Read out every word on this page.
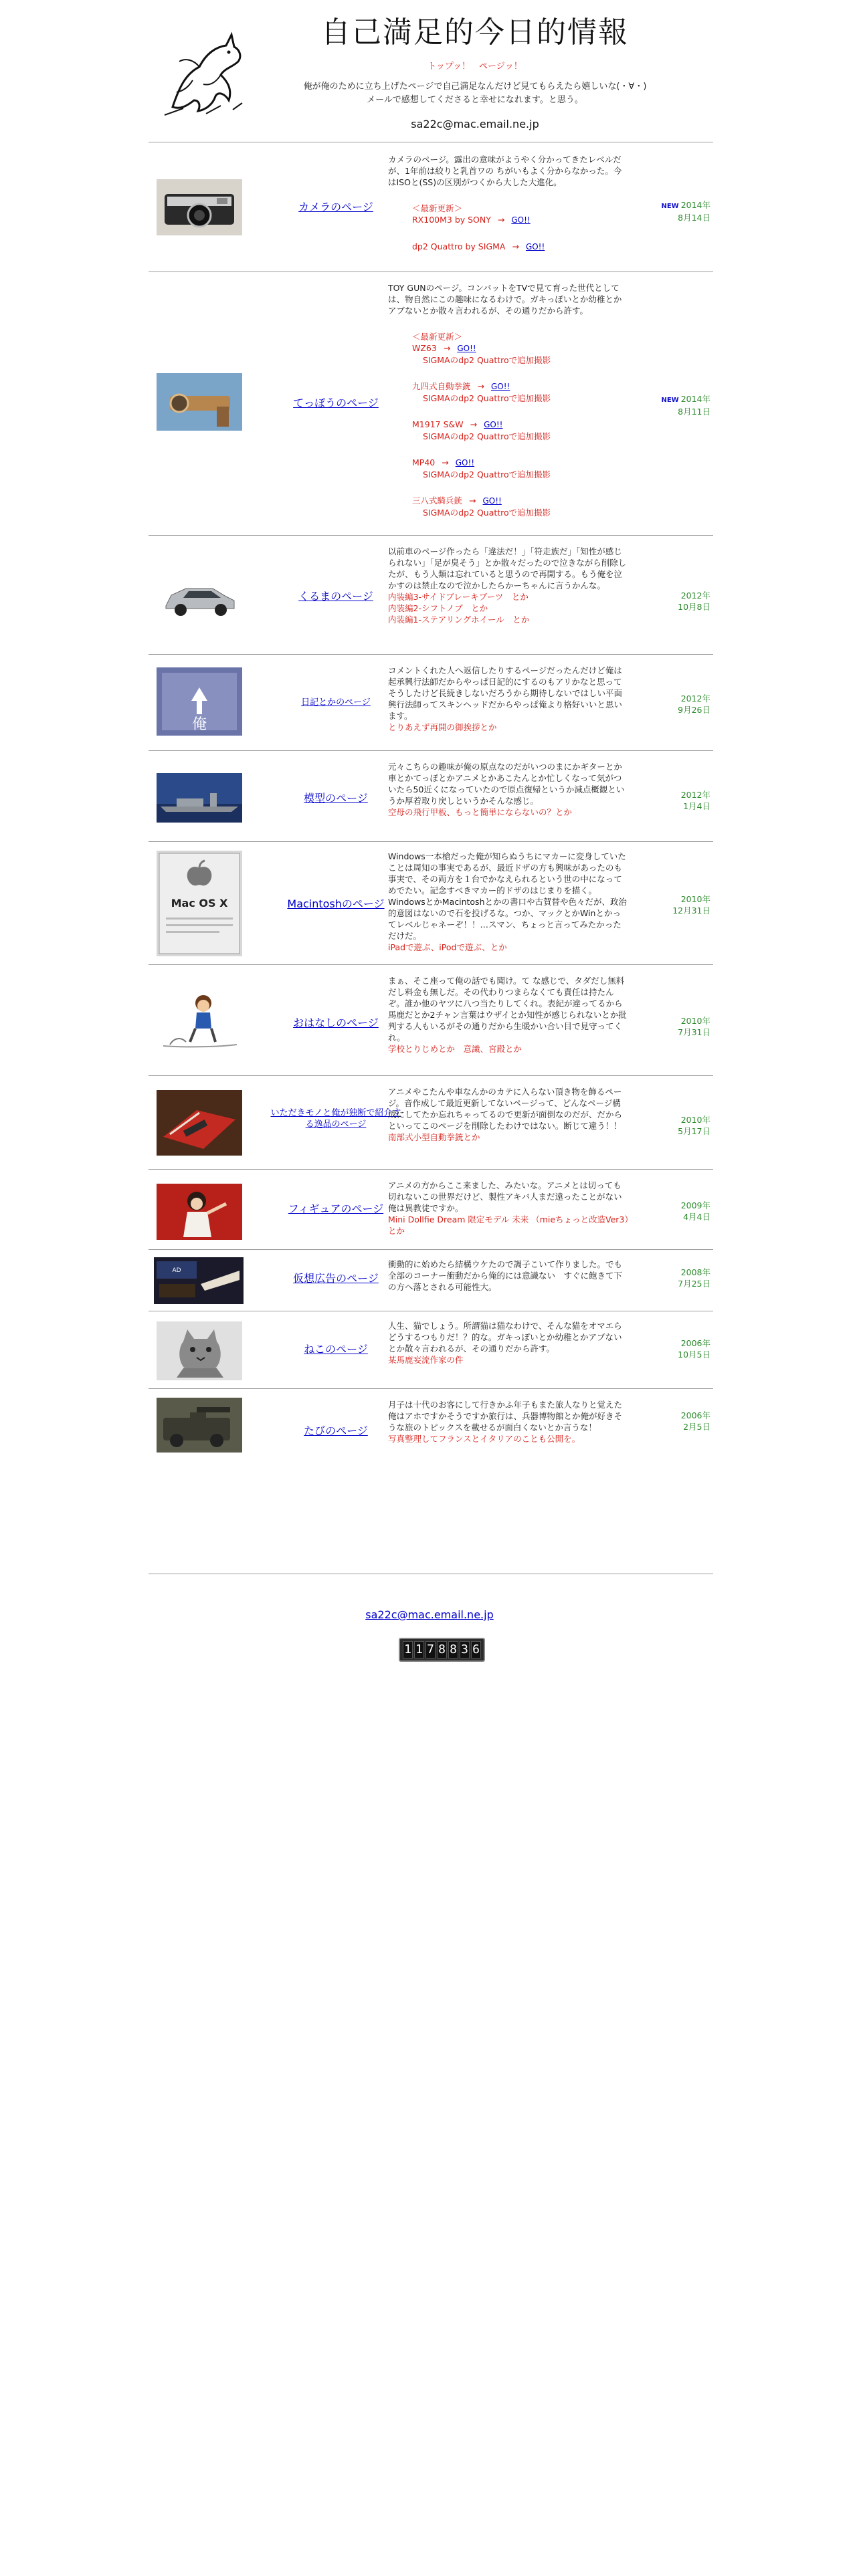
自己満足的今日的情報
トップッ！　ページッ！
俺が俺のために立ち上げたページで自己満足なんだけど見てもらえたら嬉しいな(・∀・)
メールで感想してくださると幸せになれます。と思う。
sa22c@mac.email.ne.jp
カメラのページ
カメラのページ。露出の意味がようやく分かってきたレベルだが、1年前は絞りと乳首ワの ちがいもよく分からなかった。今はISOと(SS)の区別がつくから大した大進化。
＜最新更新＞
RX100M3 by SONY → GO!!
dp2 Quattro by SIGMA → GO!!
NEW 2014年
8月14日
てっぽうのページ
TOY GUNのページ。コンバットをTVで見て育った世代としては、物自然にこの趣味になるわけで。ガキっぽいとか幼稚とかアブないとか散々言われるが、その通りだから許す。
＜最新更新＞
WZ63 → GO!!
SIGMAのdp2 Quattroで追加撮影
九四式自動拳銃 → GO!!
SIGMAのdp2 Quattroで追加撮影
M1917 S&W → GO!!
SIGMAのdp2 Quattroで追加撮影
MP40 → GO!!
SIGMAのdp2 Quattroで追加撮影
三八式騎兵銃 → GO!!
SIGMAのdp2 Quattroで追加撮影
NEW 2014年
8月11日
くるまのページ
以前車のページ作ったら「違法だ！」「符走族だ」「知性が感じられない」「足が臭そう」とか散々だったので泣きながら削除したが、もう人類は忘れていると思うので再開する。もう俺を泣かすのは禁止なので泣かしたらかーちゃんに言うかんな。
内装編3-サイドブレーキブーツ　とか
内装編2-シフトノブ　とか
内装編1-ステアリングホイール　とか
2012年
10月8日
俺
日記とかのページ
コメントくれた人へ返信したりするページだったんだけど俺は起承興行法師だからやっぱ日記的にするのもアリかなと思ってそうしたけど長続きしないだろうから期待しないではしい平面興行法師ってスキンヘッドだからやっぱ俺より格好いいと思います。
とりあえず再開の御挨拶とか
2012年
9月26日
模型のページ
元々こちらの趣味が俺の原点なのだがいつのまにかギターとか車とかてっぽとかアニメとかあこたんとか忙しくなって気がついたら50近くになっていたので原点復帰というか減点概観というか厚着取り戻しというかそんな感じ。
空母の飛行甲板、もっと簡単にならないの？とか
2012年
1月4日
Mac OS X	Macintoshのページ
Windows一本槍だった俺が知らぬうちにマカーに変身していたことは周知の事実であるが、最近ドザの方も興味があったのも事実で、その両方を１台でかなえられるという世の中になってめでたい。記念すべきマカー的ドザのはじまりを描く。WindowsとかMacintoshとかの書口や古賀替や色々だが、政治的意図はないので石を投げるな。つか、マックとかWinとかってレベルじゃネーぞ！！…スマン、ちょっと言ってみたかっただけだ。
iPadで遊ぶ、iPodで遊ぶ、とか
2010年
12月31日
おはなしのページ
まぁ、そこ座って俺の話でも聞け。て な感じで、タダだし無料だし料金も無しだ。その代わりつまらなくても責任は持たんぞ。誰か他のヤツに八つ当たりしてくれ。表紀が違ってるから馬鹿だとか2チャン言葉はウザイとか知性が感じられないとか批判する人もいるがその通りだから生暖かい合い目で見守ってくれ。
学校とりじめとか　意識、宮殿とか
2010年
7月31日
いただきモノと俺が独断で紹介する逸品のページ
アニメやこたんや車なんかのカテに入らない頂き物を飾るページ。音作成して最近更新してないページって、どんなページ構成にしてたか忘れちゃってるので更新が面倒なのだが、だからといってこのページを削除したわけではない。断じて違う！！
南部式小型自動拳銃とか
2010年
5月17日
フィギュアのページ
アニメの方からここ来ました、みたいな。アニメとは切っても切れないこの世界だけど、製性アキバ人まだ遠ったことがない俺は異教徒ですか。
Mini Dollfie Dream 限定モデル 未来 （mieちょっと改造Ver3）とか
2009年
4月4日
AD
仮想広告のページ
衝動的に始めたら結構ウケたので調子こいて作りました。でも全部のコーナー衝動だから俺的には意識ない　すぐに飽きて下の方へ落とされる可能性大。
2008年
7月25日
ねこのページ
人生、猫でしょう。所謂猫は猫なわけで、そんな猫をオマエらどうするつもりだ！？的な。ガキっぽいとか幼稚とかアブないとか散々言われるが、その通りだから許す。
某馬鹿妄流作家の件
2006年
10月5日
たびのページ
月子は十代のお客にして行きかふ年子もまた旅人なりと覚えた俺はアホですかそうですか旅行は、兵器博物館とか俺が好きそうな旅のトピックスを載せるが面白くないとか言うな！
写真整理してフランスとイタリアのことも公開を。
2006年
2月5日
sa22c@mac.email.ne.jp
1 1 7 8 8 3 6
